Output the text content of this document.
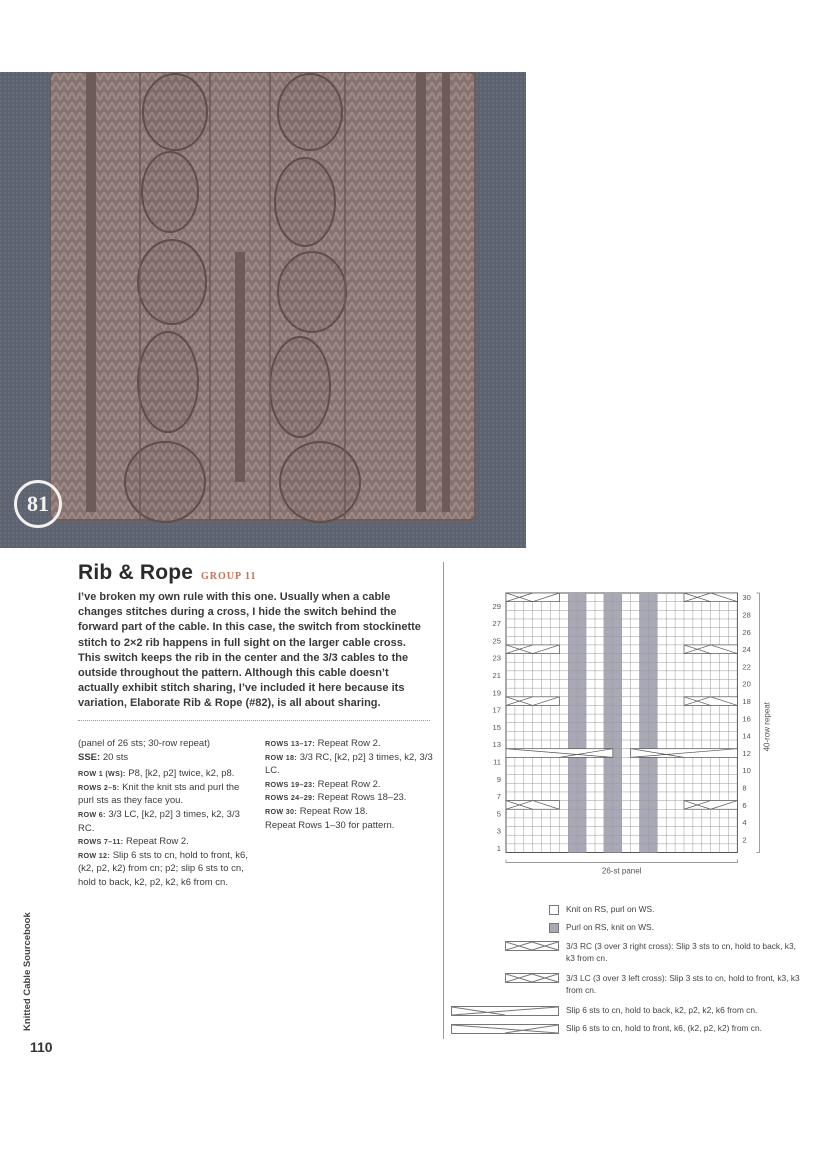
81
Rib & Rope GROUP 11
I’ve broken my own rule with this one. Usually when a cable changes stitches during a cross, I hide the switch behind the forward part of the cable. In this case, the switch from stockinette stitch to 2×2 rib happens in full sight on the larger cable cross. This switch keeps the rib in the center and the 3/3 cables to the outside throughout the pattern. Although this cable doesn’t actually exhibit stitch sharing, I’ve included it here because its variation, Elaborate Rib & Rope (#82), is all about sharing.

(panel of 26 sts; 30-row repeat)

SSE: 20 sts

ROW 1 (WS): P8, [k2, p2] twice, k2, p8.

ROWS 2–5: Knit the knit sts and purl the purl sts as they face you.

ROW 6: 3/3 LC, [k2, p2] 3 times, k2, 3/3 RC.

ROWS 7–11: Repeat Row 2.

ROW 12: Slip 6 sts to cn, hold to front, k6, (k2, p2, k2) from cn; p2; slip 6 sts to cn, hold to back, k2, p2, k2, k6 from cn.

ROWS 13–17: Repeat Row 2.

ROW 18: 3/3 RC, [k2, p2] 3 times, k2, 3/3 LC.

ROWS 19–23: Repeat Row 2.

ROWS 24–29: Repeat Rows 18–23.

ROW 30: Repeat Row 18.

Repeat Rows 1–30 for pattern.

29
27
25
23
21
19
17
15
13
11
9
7
5
3
1
30
28
26
24
22
20
18
16
14
12
10
8
6
4
2
40-row repeat
26-st panel
Knit on RS, purl on WS.
Purl on RS, knit on WS.
3/3 RC (3 over 3 right cross): Slip 3 sts to cn, hold to back, k3, k3 from cn.
3/3 LC (3 over 3 left cross): Slip 3 sts to cn, hold to front, k3, k3 from cn.
Slip 6 sts to cn, hold to back, k2, p2, k2, k6 from cn.
Slip 6 sts to cn, hold to front, k6, (k2, p2, k2) from cn.
Knitted Cable Sourcebook
110
